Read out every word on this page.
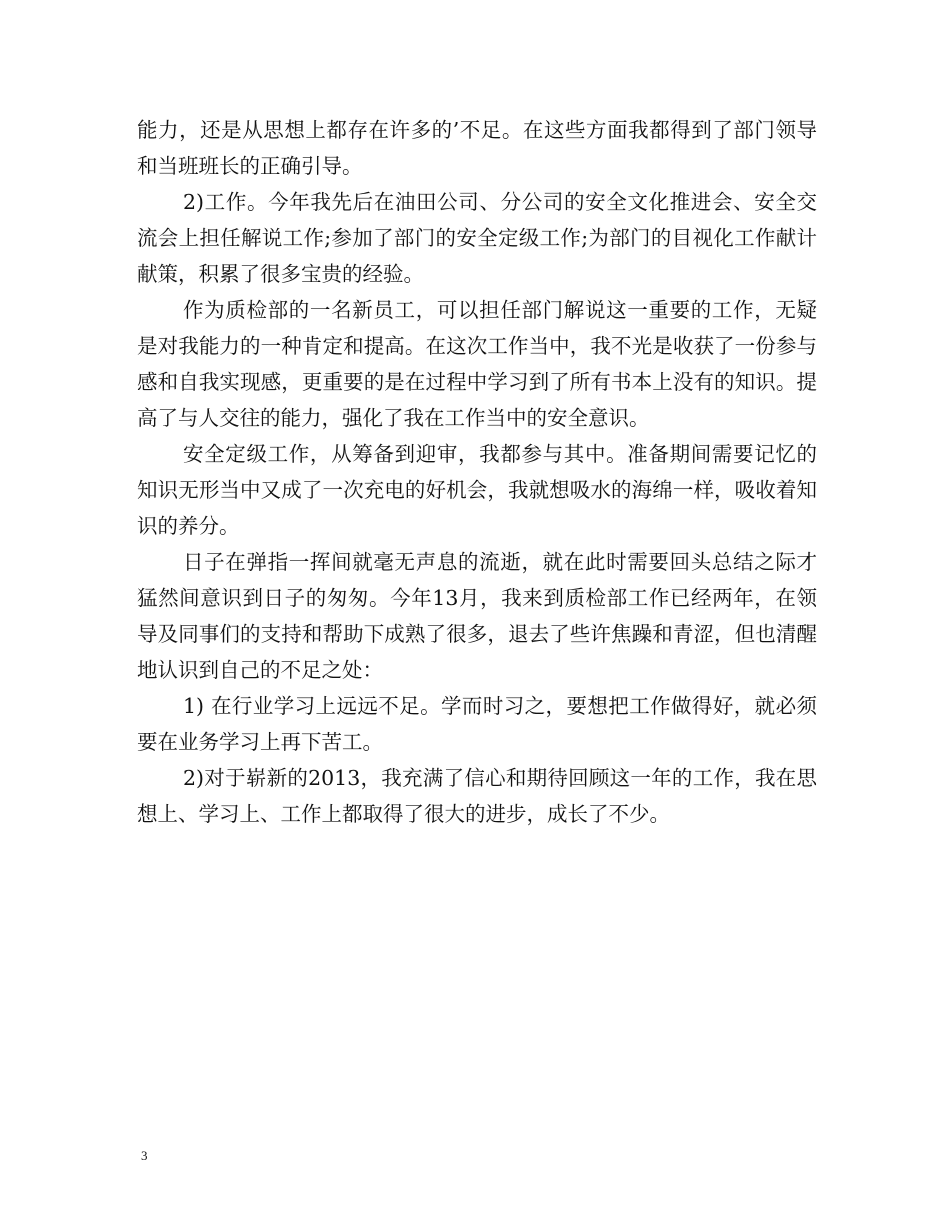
能力，还是从思想上都存在许多的’不足。在这些方面我都得到了部门领导和当班班长的正确引导。

2)工作。今年我先后在油田公司、分公司的安全文化推进会、安全交流会上担任解说工作;参加了部门的安全定级工作;为部门的目视化工作献计献策，积累了很多宝贵的经验。

作为质检部的一名新员工，可以担任部门解说这一重要的工作，无疑是对我能力的一种肯定和提高。在这次工作当中，我不光是收获了一份参与感和自我实现感，更重要的是在过程中学习到了所有书本上没有的知识。提高了与人交往的能力，强化了我在工作当中的安全意识。

安全定级工作，从筹备到迎审，我都参与其中。准备期间需要记忆的知识无形当中又成了一次充电的好机会，我就想吸水的海绵一样，吸收着知识的养分。

日子在弹指一挥间就毫无声息的流逝，就在此时需要回头总结之际才猛然间意识到日子的匆匆。今年13月，我来到质检部工作已经两年，在领导及同事们的支持和帮助下成熟了很多，退去了些许焦躁和青涩，但也清醒地认识到自己的不足之处：

1) 在行业学习上远远不足。学而时习之，要想把工作做得好，就必须要在业务学习上再下苦工。

2)对于崭新的2013，我充满了信心和期待回顾这一年的工作，我在思想上、学习上、工作上都取得了很大的进步，成长了不少。

3
